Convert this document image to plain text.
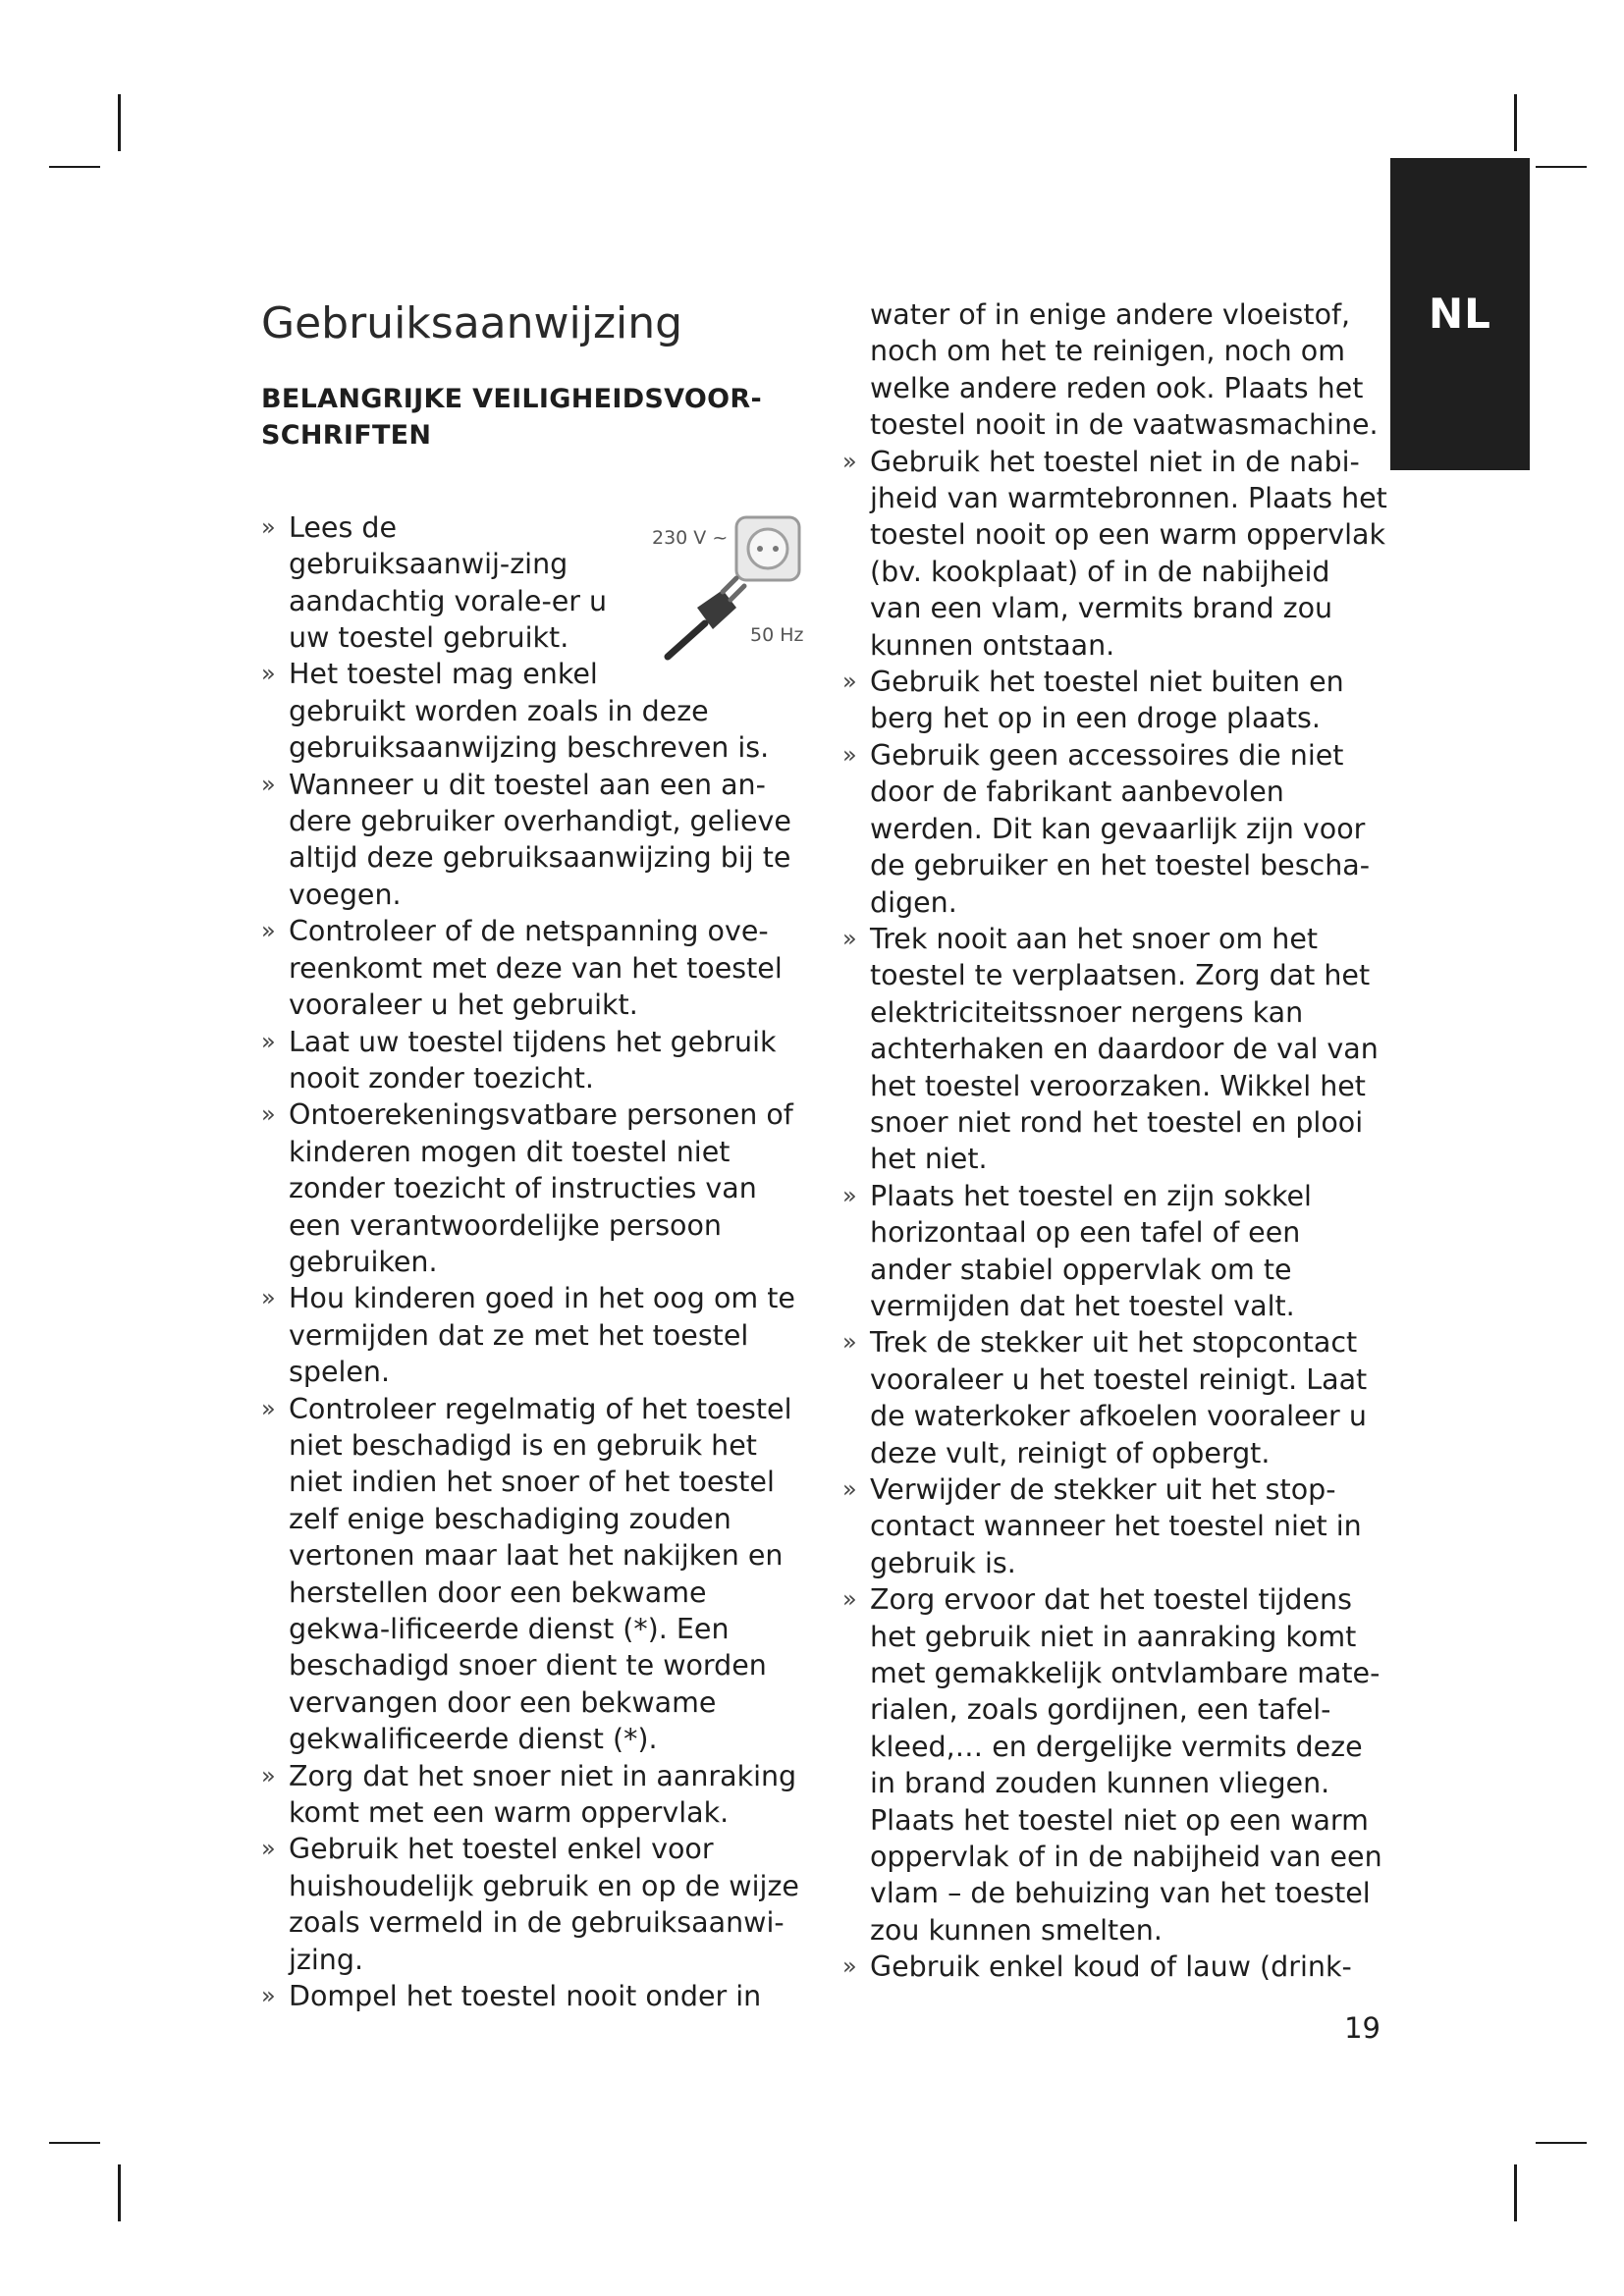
NL
Gebruiksaanwijzing
BELANGRIJKE VEILIGHEIDSVOOR-SCHRIFTEN
230 V ~
50 Hz
» Lees de gebruiksaanwij-zing aandachtig vorale-er u uw toestel gebruikt.
» Het toestel mag enkel gebruikt worden zoals in deze gebruiksaanwijzing beschreven is.
» Wanneer u dit toestel aan een an-dere gebruiker overhandigt, gelieve altijd deze gebruiksaanwijzing bij te voegen.
» Controleer of de netspanning ove-reenkomt met deze van het toestel vooraleer u het gebruikt.
» Laat uw toestel tijdens het gebruik nooit zonder toezicht.
» Ontoerekeningsvatbare personen of kinderen mogen dit toestel niet zonder toezicht of instructies van een verantwoordelijke persoon gebruiken.
» Hou kinderen goed in het oog om te vermijden dat ze met het toestel spelen.
» Controleer regelmatig of het toestel niet beschadigd is en gebruik het niet indien het snoer of het toestel zelf enige beschadiging zouden vertonen maar laat het nakijken en herstellen door een bekwame gekwa-lificeerde dienst (*). Een beschadigd snoer dient te worden vervangen door een bekwame gekwalificeerde dienst (*).
» Zorg dat het snoer niet in aanraking komt met een warm oppervlak.
» Gebruik het toestel enkel voor huishoudelijk gebruik en op de wijze zoals vermeld in de gebruiksaanwi-jzing.
» Dompel het toestel nooit onder in
water of in enige andere vloeistof, noch om het te reinigen, noch om welke andere reden ook. Plaats het toestel nooit in de vaatwasmachine.
» Gebruik het toestel niet in de nabi-jheid van warmtebronnen. Plaats het toestel nooit op een warm oppervlak (bv. kookplaat) of in de nabijheid van een vlam, vermits brand zou kunnen ontstaan.
» Gebruik het toestel niet buiten en berg het op in een droge plaats.
» Gebruik geen accessoires die niet door de fabrikant aanbevolen werden. Dit kan gevaarlijk zijn voor de gebruiker en het toestel bescha-digen.
» Trek nooit aan het snoer om het toestel te verplaatsen. Zorg dat het elektriciteitssnoer nergens kan achterhaken en daardoor de val van het toestel veroorzaken. Wikkel het snoer niet rond het toestel en plooi het niet.
» Plaats het toestel en zijn sokkel horizontaal op een tafel of een ander stabiel oppervlak om te vermijden dat het toestel valt.
» Trek de stekker uit het stopcontact vooraleer u het toestel reinigt. Laat de waterkoker afkoelen vooraleer u deze vult, reinigt of opbergt.
» Verwijder de stekker uit het stop-contact wanneer het toestel niet in gebruik is.
» Zorg ervoor dat het toestel tijdens het gebruik niet in aanraking komt met gemakkelijk ontvlambare mate-rialen, zoals gordijnen, een tafel-kleed,… en dergelijke vermits deze in brand zouden kunnen vliegen. Plaats het toestel niet op een warm oppervlak of in de nabijheid van een vlam – de behuizing van het toestel zou kunnen smelten.
» Gebruik enkel koud of lauw (drink-
19
